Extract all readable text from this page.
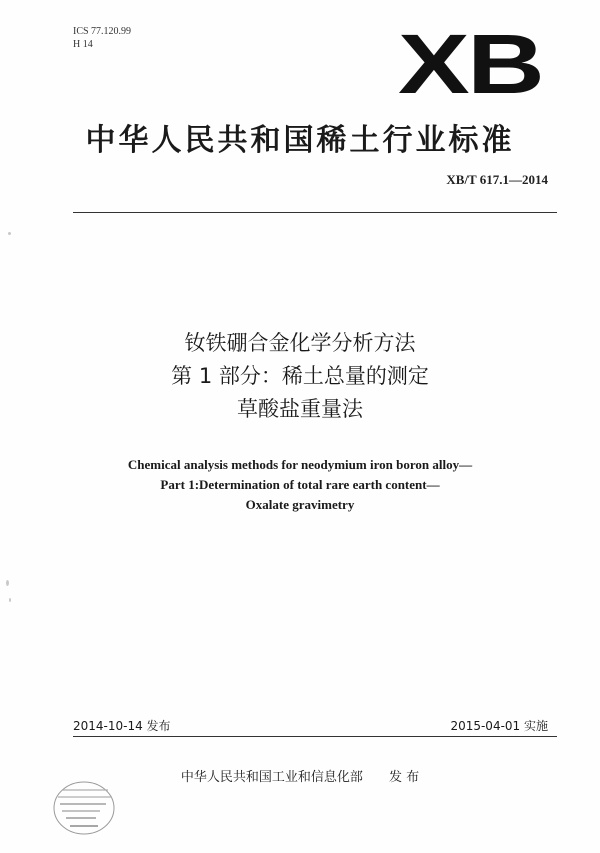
ICS 77.120.99
H 14	XB
中华人民共和国稀土行业标准
XB/T 617.1—2014
钕铁硼合金化学分析方法
第 1 部分：稀土总量的测定
草酸盐重量法
Chemical analysis methods for neodymium iron boron alloy—
Part 1:Determination of total rare earth content—
Oxalate gravimetry
2014-10-14 发布	2015-04-01 实施
中华人民共和国工业和信息化部 发 布
